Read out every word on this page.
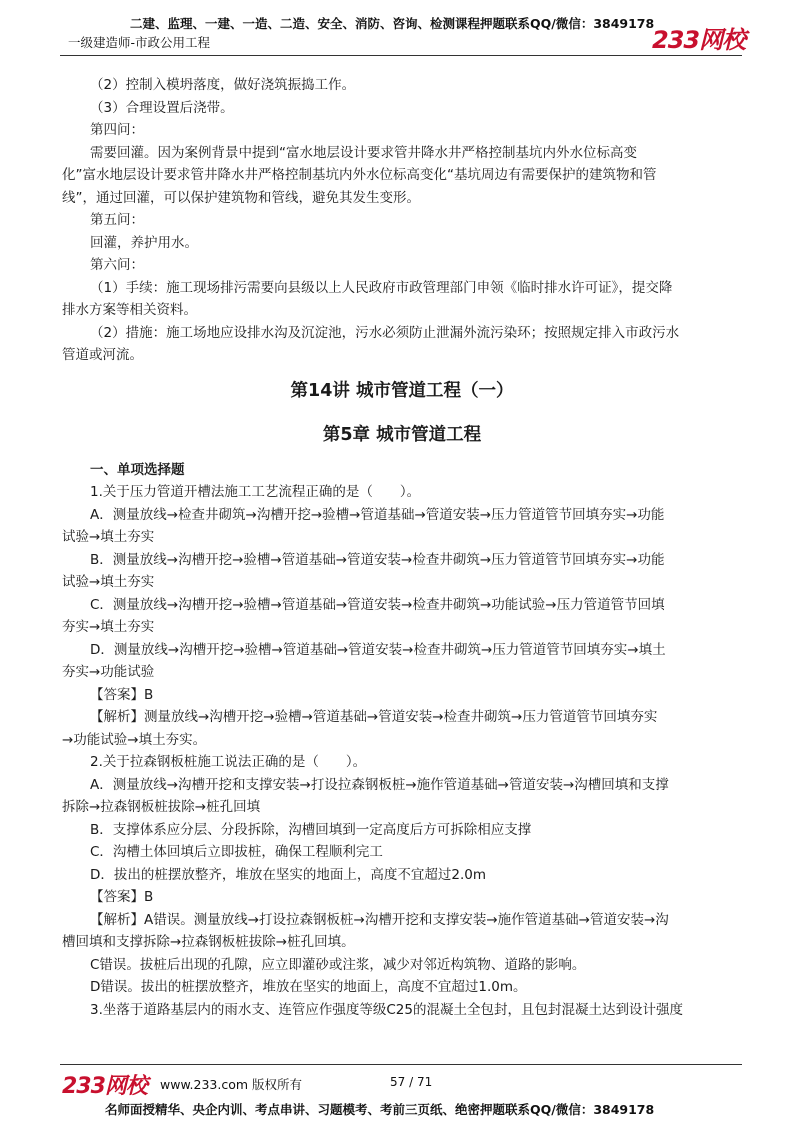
二建、监理、一建、一造、二造、安全、消防、咨询、检测课程押题联系QQ/微信：3849178
一级建造师-市政公用工程	233网校
（2）控制入模坍落度，做好浇筑振捣工作。
（3）合理设置后浇带。
第四问：
需要回灌。因为案例背景中提到“富水地层设计要求管井降水井严格控制基坑内外水位标高变
化”富水地层设计要求管井降水井严格控制基坑内外水位标高变化“基坑周边有需要保护的建筑物和管
线”，通过回灌，可以保护建筑物和管线，避免其发生变形。
第五问：
回灌，养护用水。
第六问：
（1）手续：施工现场排污需要向县级以上人民政府市政管理部门申领《临时排水许可证》，提交降
排水方案等相关资料。
（2）措施：施工场地应设排水沟及沉淀池，污水必须防止泄漏外流污染环；按照规定排入市政污水
管道或河流。
第14讲 城市管道工程（一）
第5章 城市管道工程
一、单项选择题
1.关于压力管道开槽法施工工艺流程正确的是（　　）。
A．测量放线→检查井砌筑→沟槽开挖→验槽→管道基础→管道安装→压力管道管节回填夯实→功能
试验→填土夯实
B．测量放线→沟槽开挖→验槽→管道基础→管道安装→检查井砌筑→压力管道管节回填夯实→功能
试验→填土夯实
C．测量放线→沟槽开挖→验槽→管道基础→管道安装→检查井砌筑→功能试验→压力管道管节回填
夯实→填土夯实
D．测量放线→沟槽开挖→验槽→管道基础→管道安装→检查井砌筑→压力管道管节回填夯实→填土
夯实→功能试验
【答案】B
【解析】测量放线→沟槽开挖→验槽→管道基础→管道安装→检查井砌筑→压力管道管节回填夯实
→功能试验→填土夯实。
2.关于拉森钢板桩施工说法正确的是（　　）。
A．测量放线→沟槽开挖和支撑安装→打设拉森钢板桩→施作管道基础→管道安装→沟槽回填和支撑
拆除→拉森钢板桩拔除→桩孔回填
B．支撑体系应分层、分段拆除，沟槽回填到一定高度后方可拆除相应支撑
C．沟槽土体回填后立即拔桩，确保工程顺利完工
D．拔出的桩摆放整齐，堆放在坚实的地面上，高度不宜超过2.0m
【答案】B
【解析】A错误。测量放线→打设拉森钢板桩→沟槽开挖和支撑安装→施作管道基础→管道安装→沟
槽回填和支撑拆除→拉森钢板桩拔除→桩孔回填。
C错误。拔桩后出现的孔隙，应立即灌砂或注浆，减少对邻近构筑物、道路的影响。
D错误。拔出的桩摆放整齐，堆放在坚实的地面上，高度不宜超过1.0m。
3.坐落于道路基层内的雨水支、连管应作强度等级C25的混凝土全包封，且包封混凝土达到设计强度
233网校 www.233.com 版权所有	57 / 71
名师面授精华、央企内训、考点串讲、习题模考、考前三页纸、绝密押题联系QQ/微信：3849178
